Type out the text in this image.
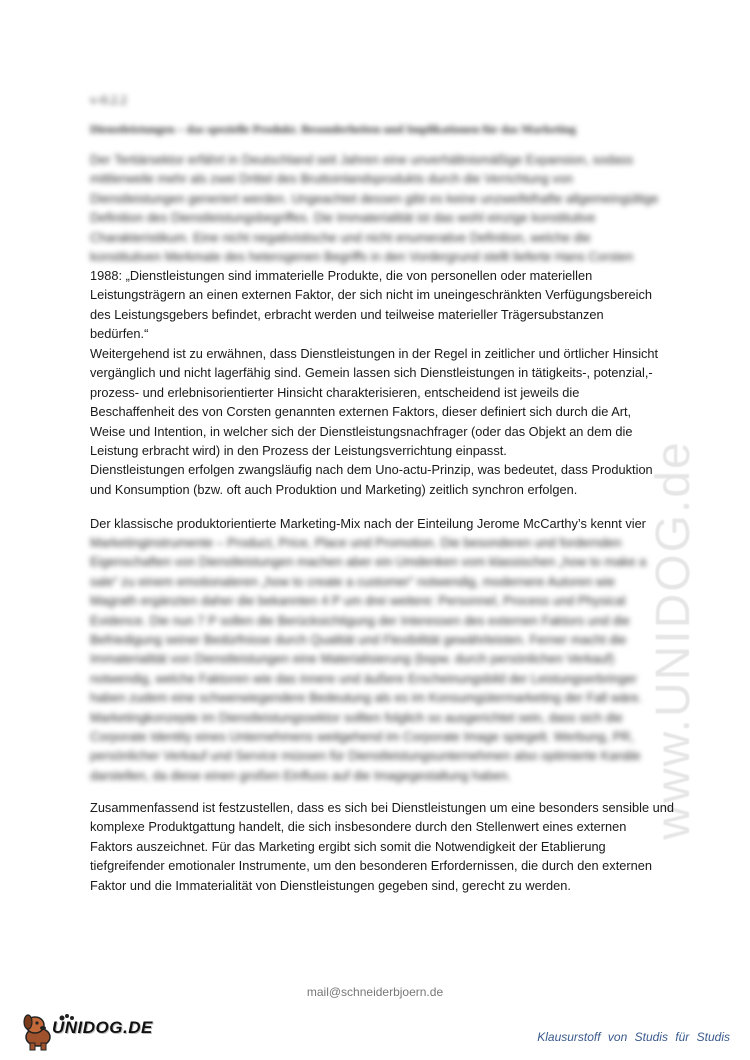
www.UNIDOG.de
v-0.2.2
Dienstleistungen – das spezielle Produkt. Besonderheiten und Implikationen für das Marketing
Der Tertiärsektor erfährt in Deutschland seit Jahren eine unverhältnismäßige Expansion, sodass
mittlerweile mehr als zwei Drittel des Bruttoinlandsprodukts durch die Verrichtung von
Dienstleistungen generiert werden. Ungeachtet dessen gibt es keine unzweifelhafte allgemeingültige
Definition des Dienstleistungsbegriffes. Die Immaterialität ist das wohl einzige konstitutive
Charakteristikum. Eine nicht negativistische und nicht enumerative Definition, welche die
konstitutiven Merkmale des heterogenen Begriffs in den Vordergrund stellt lieferte Hans Corsten
1988: „Dienstleistungen sind immaterielle Produkte, die von personellen oder materiellen
Leistungsträgern an einen externen Faktor, der sich nicht im uneingeschränkten Verfügungsbereich
des Leistungsgebers befindet, erbracht werden und teilweise materieller Trägersubstanzen
bedürfen.“
Weitergehend ist zu erwähnen, dass Dienstleistungen in der Regel in zeitlicher und örtlicher Hinsicht
vergänglich und nicht lagerfähig sind. Gemein lassen sich Dienstleistungen in tätigkeits-, potenzial,-
prozess- und erlebnisorientierter Hinsicht charakterisieren, entscheidend ist jeweils die
Beschaffenheit des von Corsten genannten externen Faktors, dieser definiert sich durch die Art,
Weise und Intention, in welcher sich der Dienstleistungsnachfrager (oder das Objekt an dem die
Leistung erbracht wird) in den Prozess der Leistungsverrichtung einpasst.
Dienstleistungen erfolgen zwangsläufig nach dem Uno-actu-Prinzip, was bedeutet, dass Produktion
und Konsumption (bzw. oft auch Produktion und Marketing) zeitlich synchron erfolgen.
Der klassische produktorientierte Marketing-Mix nach der Einteilung Jerome McCarthy’s kennt vier
Marketinginstrumente – Product, Price, Place und Promotion. Die besonderen und fordernden
Eigenschaften von Dienstleistungen machen aber ein Umdenken vom klassischen „how to make a
sale“ zu einem emotionaleren „how to create a customer“ notwendig, modernere Autoren wie
Magrath ergänzten daher die bekannten 4 P um drei weitere: Personnel, Process und Physical
Evidence. Die nun 7 P sollen die Berücksichtigung der Interessen des externen Faktors und die
Befriedigung seiner Bedürfnisse durch Qualität und Flexibilität gewährleisten. Ferner macht die
Immaterialität von Dienstleistungen eine Materialisierung (bspw. durch persönlichen Verkauf)
notwendig, welche Faktoren wie das innere und äußere Erscheinungsbild der Leistungserbringer
haben zudem eine schwerwiegendere Bedeutung als es im Konsumgütermarketing der Fall wäre.
Marketingkonzepte im Dienstleistungssektor sollten folglich so ausgerichtet sein, dass sich die
Corporate Identity eines Unternehmens weitgehend im Corporate Image spiegelt. Werbung, PR,
persönlicher Verkauf und Service müssen für Dienstleistungsunternehmen also optimierte Kanäle
darstellen, da diese einen großen Einfluss auf die Imagegestaltung haben.
Zusammenfassend ist festzustellen, dass es sich bei Dienstleistungen um eine besonders sensible und
komplexe Produktgattung handelt, die sich insbesondere durch den Stellenwert eines externen
Faktors auszeichnet. Für das Marketing ergibt sich somit die Notwendigkeit der Etablierung
tiefgreifender emotionaler Instrumente, um den besonderen Erfordernissen, die durch den externen
Faktor und die Immaterialität von Dienstleistungen gegeben sind, gerecht zu werden.
mail@schneiderbjoern.de
UNIDOG.DE	Klausurstoff von Studis für Studis
